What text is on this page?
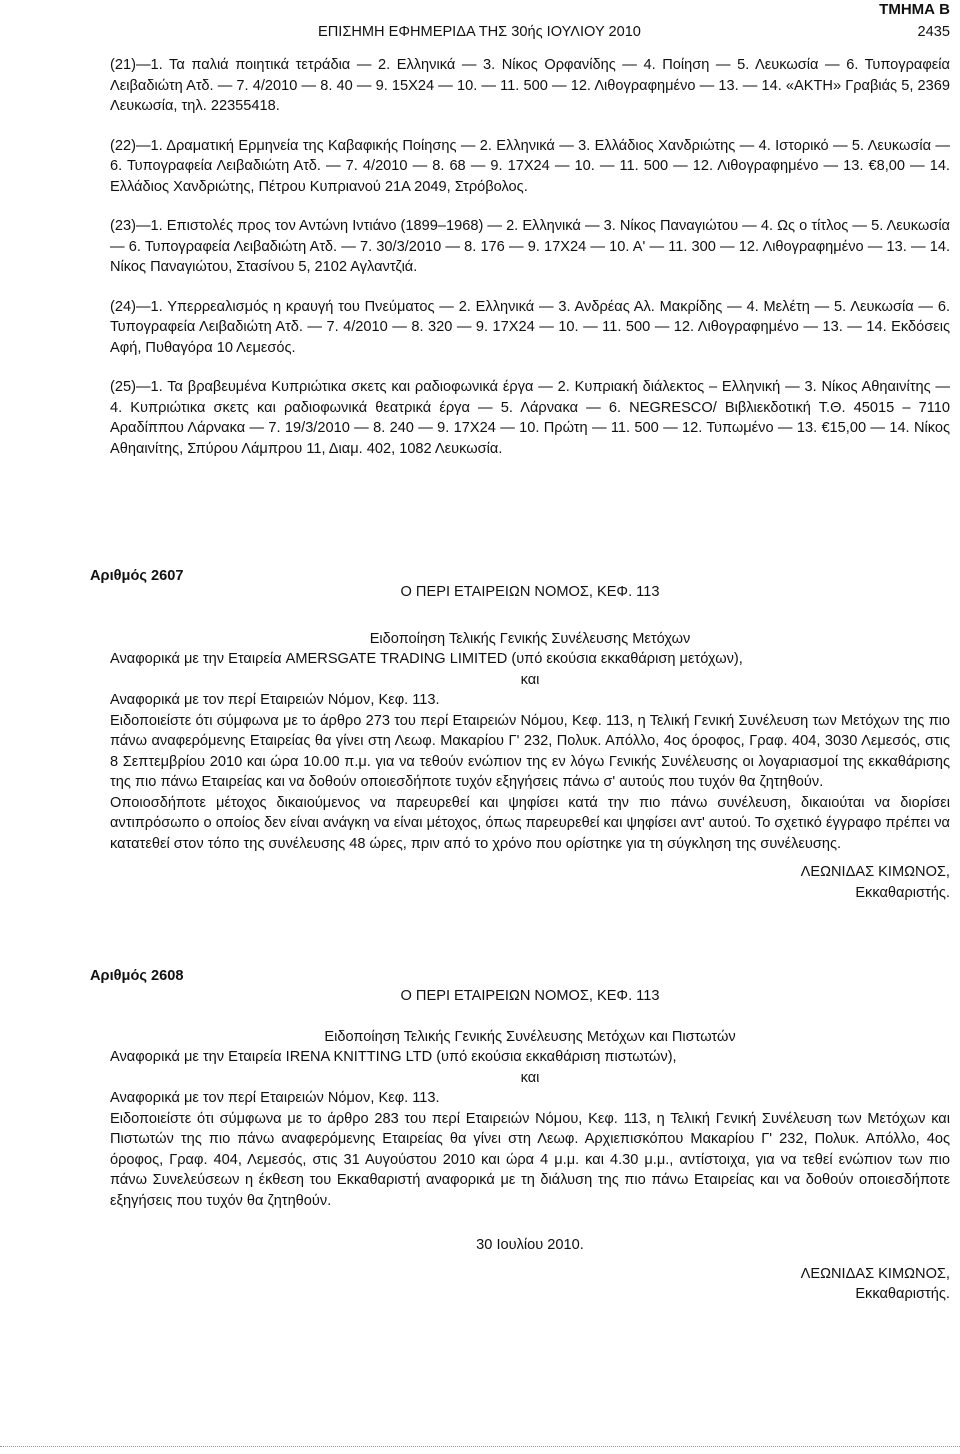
ΤΜΗΜΑ Β
ΕΠΙΣΗΜΗ ΕΦΗΜΕΡΙΔΑ ΤΗΣ 30ής ΙΟΥΛΙΟΥ 2010	2435

(21)—1. Τα παλιά ποιητικά τετράδια — 2. Ελληνικά — 3. Νίκος Ορφανίδης — 4. Ποίηση — 5. Λευκωσία — 6. Τυπογραφεία Λειβαδιώτη Ατδ. — 7. 4/2010 — 8. 40 — 9. 15Χ24 — 10. — 11. 500 — 12. Λιθογραφημένο — 13. — 14. «ΑΚΤΗ» Γραβιάς 5, 2369 Λευκωσία, τηλ. 22355418.

(22)—1. Δραματική Ερμηνεία της Καβαφικής Ποίησης — 2. Ελληνικά — 3. Ελλάδιος Χανδριώτης — 4. Ιστορικό — 5. Λευκωσία — 6. Τυπογραφεία Λειβαδιώτη Ατδ. — 7. 4/2010 — 8. 68 — 9. 17Χ24 — 10. — 11. 500 — 12. Λιθογραφημένο — 13. €8,00 — 14. Ελλάδιος Χανδριώτης, Πέτρου Κυπριανού 21Α 2049, Στρόβολος.

(23)—1. Επιστολές προς τον Αντώνη Ιντιάνο (1899–1968) — 2. Ελληνικά — 3. Νίκος Παναγιώτου — 4. Ως ο τίτλος — 5. Λευκωσία — 6. Τυπογραφεία Λειβαδιώτη Ατδ. — 7. 30/3/2010 — 8. 176 — 9. 17Χ24 — 10. Α' — 11. 300 — 12. Λιθογραφημένο — 13. — 14. Νίκος Παναγιώτου, Στασίνου 5, 2102 Αγλαντζιά.

(24)—1. Υπερρεαλισμός η κραυγή του Πνεύματος — 2. Ελληνικά — 3. Ανδρέας Αλ. Μακρίδης — 4. Μελέτη — 5. Λευκωσία — 6. Τυπογραφεία Λειβαδιώτη Ατδ. — 7. 4/2010 — 8. 320 — 9. 17Χ24 — 10. — 11. 500 — 12. Λιθογραφημένο — 13. — 14. Εκδόσεις Αφή, Πυθαγόρα 10 Λεμεσός.

(25)—1. Τα βραβευμένα Κυπριώτικα σκετς και ραδιοφωνικά έργα — 2. Κυπριακή διάλεκτος – Ελληνική — 3. Νίκος Αθηαινίτης — 4. Κυπριώτικα σκετς και ραδιοφωνικά θεατρικά έργα — 5. Λάρνακα — 6. NEGRESCO/ Βιβλιεκδοτική Τ.Θ. 45015 – 7110 Αραδίππου Λάρνακα — 7. 19/3/2010 — 8. 240 — 9. 17Χ24 — 10. Πρώτη — 11. 500 — 12. Τυπωμένο — 13. €15,00 — 14. Νίκος Αθηαινίτης, Σπύρου Λάμπρου 11, Διαμ. 402, 1082 Λευκωσία.

Αριθμός 2607
Ο ΠΕΡΙ ΕΤΑΙΡΕΙΩΝ ΝΟΜΟΣ, ΚΕΦ. 113
Ειδοποίηση Τελικής Γενικής Συνέλευσης Μετόχων

Αναφορικά με την Εταιρεία AMERSGATE TRADING LIMITED (υπό εκούσια εκκαθάριση μετόχων),

και

Αναφορικά με τον περί Εταιρειών Νόμον, Κεφ. 113.

Ειδοποιείστε ότι σύμφωνα με το άρθρο 273 του περί Εταιρειών Νόμου, Κεφ. 113, η Τελική Γενική Συνέλευση των Μετόχων της πιο πάνω αναφερόμενης Εταιρείας θα γίνει στη Λεωφ. Μακαρίου Γ' 232, Πολυκ. Απόλλο, 4ος όροφος, Γραφ. 404, 3030 Λεμεσός, στις 8 Σεπτεμβρίου 2010 και ώρα 10.00 π.μ. για να τεθούν ενώπιον της εν λόγω Γενικής Συνέλευσης οι λογαριασμοί της εκκαθάρισης της πιο πάνω Εταιρείας και να δοθούν οποιεσδήποτε τυχόν εξηγήσεις πάνω σ' αυτούς που τυχόν θα ζητηθούν.

Οποιοσδήποτε μέτοχος δικαιούμενος να παρευρεθεί και ψηφίσει κατά την πιο πάνω συνέλευση, δικαιούται να διορίσει αντιπρόσωπο ο οποίος δεν είναι ανάγκη να είναι μέτοχος, όπως παρευρεθεί και ψηφίσει αντ' αυτού. Το σχετικό έγγραφο πρέπει να κατατεθεί στον τόπο της συνέλευσης 48 ώρες, πριν από το χρόνο που ορίστηκε για τη σύγκληση της συνέλευσης.

ΛΕΩΝΙΔΑΣ ΚΙΜΩΝΟΣ,
Εκκαθαριστής.
Αριθμός 2608
Ο ΠΕΡΙ ΕΤΑΙΡΕΙΩΝ ΝΟΜΟΣ, ΚΕΦ. 113
Ειδοποίηση Τελικής Γενικής Συνέλευσης Μετόχων και Πιστωτών

Αναφορικά με την Εταιρεία IRENA KNITTING LTD (υπό εκούσια εκκαθάριση πιστωτών),

και

Αναφορικά με τον περί Εταιρειών Νόμον, Κεφ. 113.

Ειδοποιείστε ότι σύμφωνα με το άρθρο 283 του περί Εταιρειών Νόμου, Κεφ. 113, η Τελική Γενική Συνέλευση των Μετόχων και Πιστωτών της πιο πάνω αναφερόμενης Εταιρείας θα γίνει στη Λεωφ. Αρχιεπισκόπου Μακαρίου Γ' 232, Πολυκ. Απόλλο, 4ος όροφος, Γραφ. 404, Λεμεσός, στις 31 Αυγούστου 2010 και ώρα 4 μ.μ. και 4.30 μ.μ., αντίστοιχα, για να τεθεί ενώπιον των πιο πάνω Συνελεύσεων η έκθεση του Εκκαθαριστή αναφορικά με τη διάλυση της πιο πάνω Εταιρείας και να δοθούν οποιεσδήποτε εξηγήσεις που τυχόν θα ζητηθούν.

30 Ιουλίου 2010.
ΛΕΩΝΙΔΑΣ ΚΙΜΩΝΟΣ,
Εκκαθαριστής.
